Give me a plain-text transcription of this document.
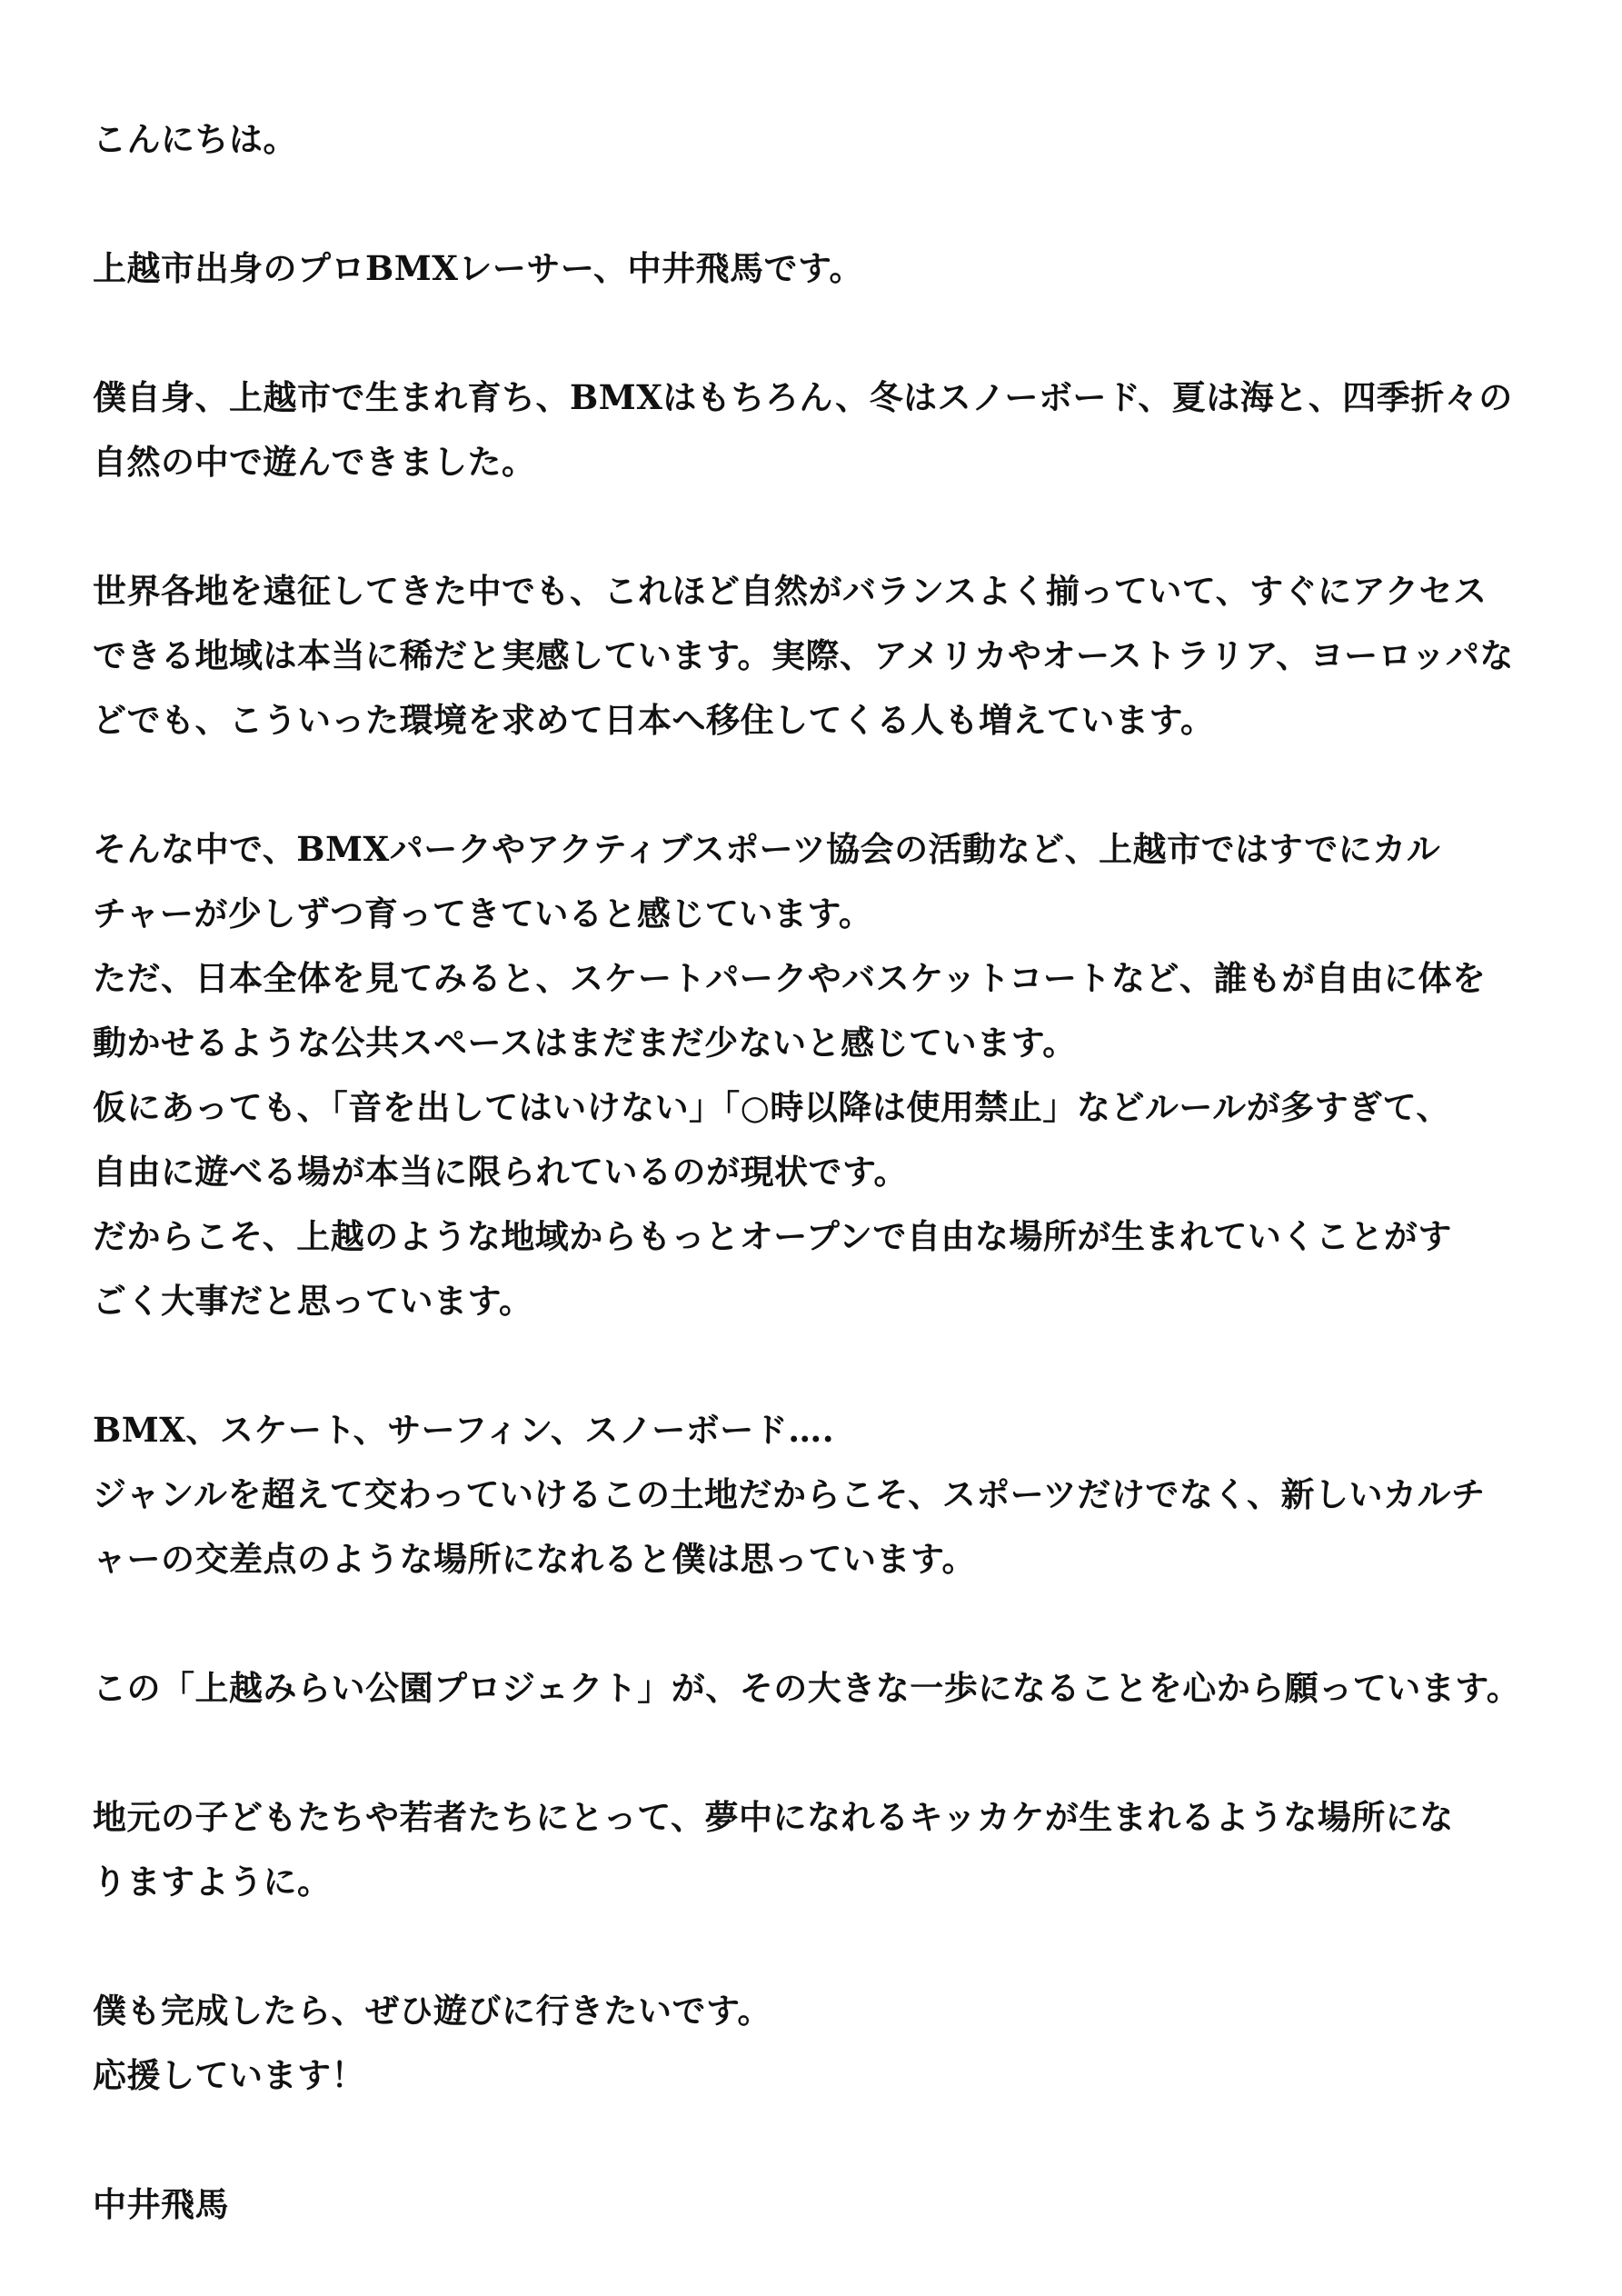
こんにちは。
上越市出身のプロBMXレーサー、中井飛馬です。
僕自身、上越市で生まれ育ち、BMXはもちろん、冬はスノーボード、夏は海と、四季折々の
自然の中で遊んできました。
世界各地を遠征してきた中でも、これほど自然がバランスよく揃っていて、すぐにアクセス
できる地域は本当に稀だと実感しています。実際、アメリカやオーストラリア、ヨーロッパな
どでも、こういった環境を求めて日本へ移住してくる人も増えています。
そんな中で、BMXパークやアクティブスポーツ協会の活動など、上越市ではすでにカル
チャーが少しずつ育ってきていると感じています。
ただ、日本全体を見てみると、スケートパークやバスケットコートなど、誰もが自由に体を
動かせるような公共スペースはまだまだ少ないと感じています。
仮にあっても、「音を出してはいけない」「○時以降は使用禁止」などルールが多すぎて、
自由に遊べる場が本当に限られているのが現状です。
だからこそ、上越のような地域からもっとオープンで自由な場所が生まれていくことがす
ごく大事だと思っています。
BMX、スケート、サーフィン、スノーボード….
ジャンルを超えて交わっていけるこの土地だからこそ、スポーツだけでなく、新しいカルチ
ャーの交差点のような場所になれると僕は思っています。
この「上越みらい公園プロジェクト」が、その大きな一歩になることを心から願っています。
地元の子どもたちや若者たちにとって、夢中になれるキッカケが生まれるような場所にな
りますように。
僕も完成したら、ぜひ遊びに行きたいです。
応援しています！
中井飛馬
